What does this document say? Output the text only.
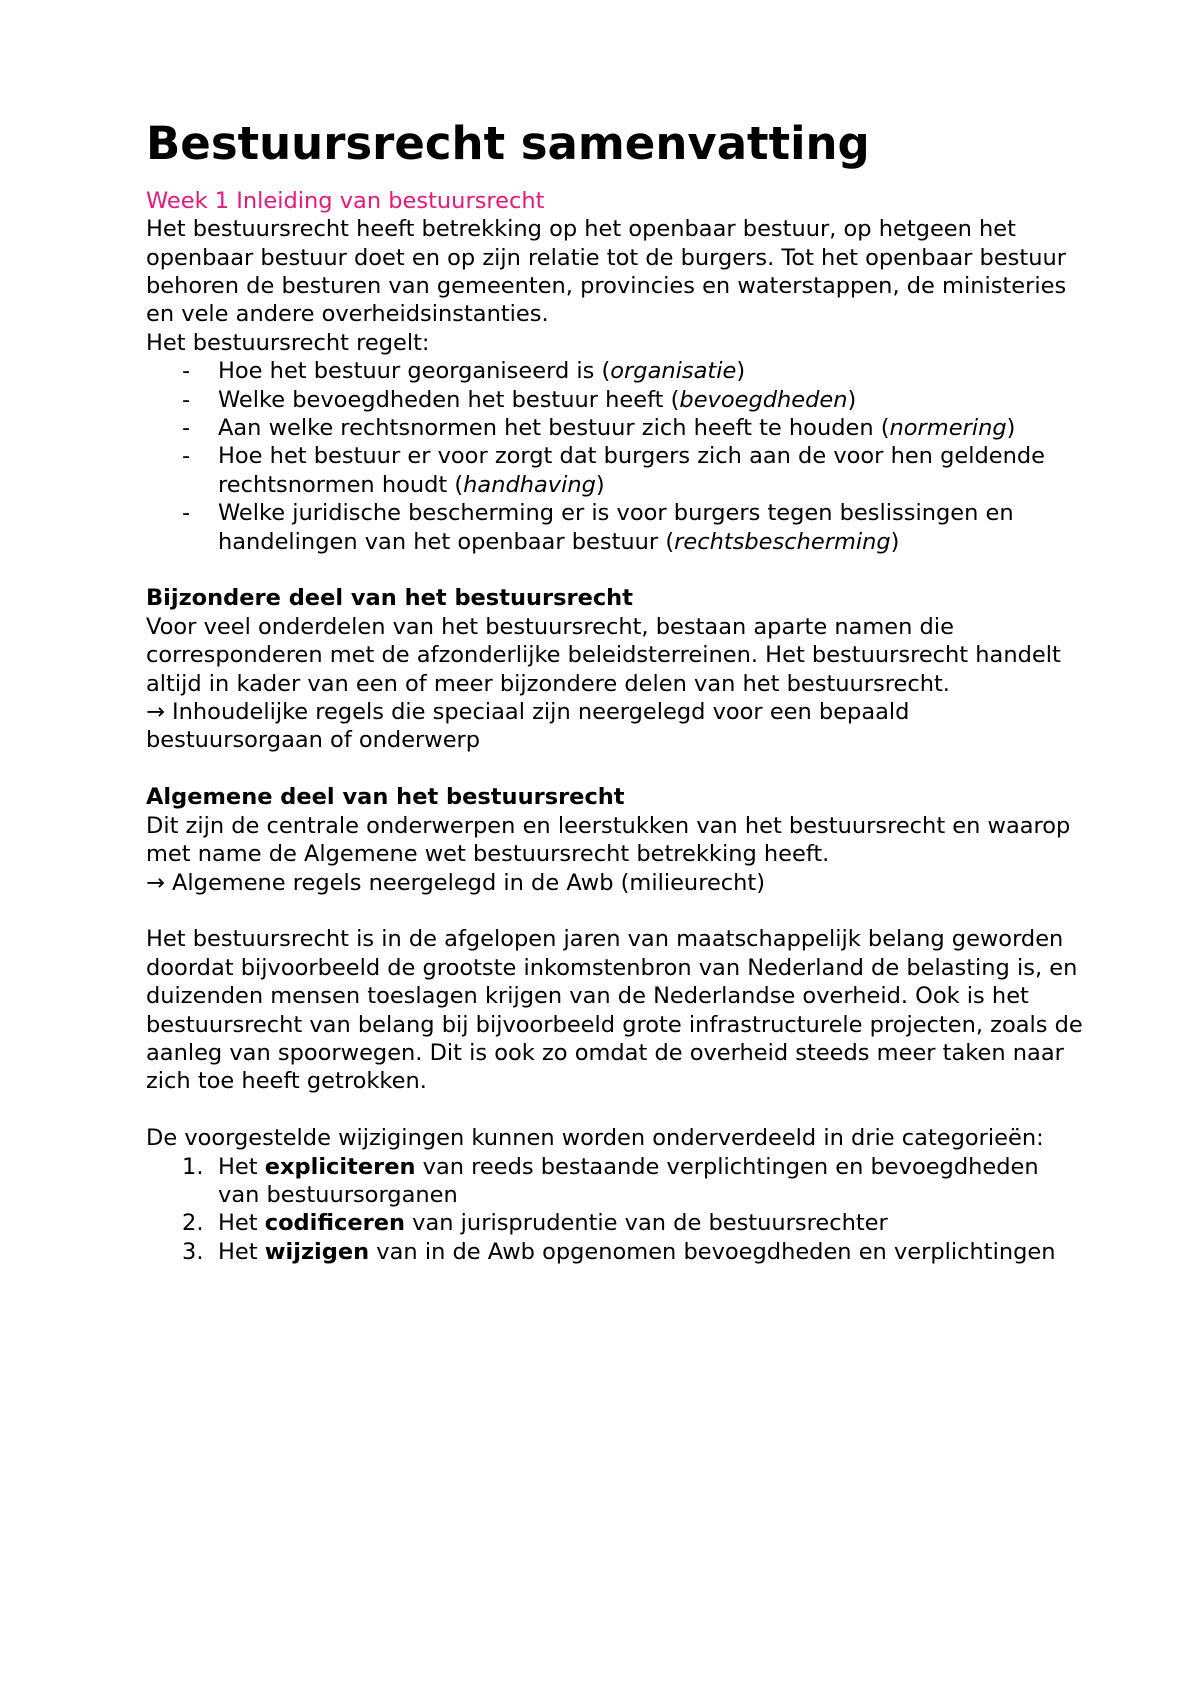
Bestuursrecht samenvatting
Week 1 Inleiding van bestuursrecht

Het bestuursrecht heeft betrekking op het openbaar bestuur, op hetgeen het openbaar bestuur doet en op zijn relatie tot de burgers. Tot het openbaar bestuur behoren de besturen van gemeenten, provincies en waterstappen, de ministeries en vele andere overheidsinstanties.

Het bestuursrecht regelt:

- Hoe het bestuur georganiseerd is (organisatie)
- Welke bevoegdheden het bestuur heeft (bevoegdheden)
- Aan welke rechtsnormen het bestuur zich heeft te houden (normering)
- Hoe het bestuur er voor zorgt dat burgers zich aan de voor hen geldende rechtsnormen houdt (handhaving)
- Welke juridische bescherming er is voor burgers tegen beslissingen en handelingen van het openbaar bestuur (rechtsbescherming)
Bijzondere deel van het bestuursrecht

Voor veel onderdelen van het bestuursrecht, bestaan aparte namen die corresponderen met de afzonderlijke beleidsterreinen. Het bestuursrecht handelt altijd in kader van een of meer bijzondere delen van het bestuursrecht.

→ Inhoudelijke regels die speciaal zijn neergelegd voor een bepaald bestuursorgaan of onderwerp

Algemene deel van het bestuursrecht

Dit zijn de centrale onderwerpen en leerstukken van het bestuursrecht en waarop met name de Algemene wet bestuursrecht betrekking heeft.

→ Algemene regels neergelegd in de Awb (milieurecht)

Het bestuursrecht is in de afgelopen jaren van maatschappelijk belang geworden doordat bijvoorbeeld de grootste inkomstenbron van Nederland de belasting is, en duizenden mensen toeslagen krijgen van de Nederlandse overheid. Ook is het bestuursrecht van belang bij bijvoorbeeld grote infrastructurele projecten, zoals de aanleg van spoorwegen. Dit is ook zo omdat de overheid steeds meer taken naar zich toe heeft getrokken.

De voorgestelde wijzigingen kunnen worden onderverdeeld in drie categorieën:

1. Het expliciteren van reeds bestaande verplichtingen en bevoegdheden van bestuursorganen
2. Het codificeren van jurisprudentie van de bestuursrechter
3. Het wijzigen van in de Awb opgenomen bevoegdheden en verplichtingen
